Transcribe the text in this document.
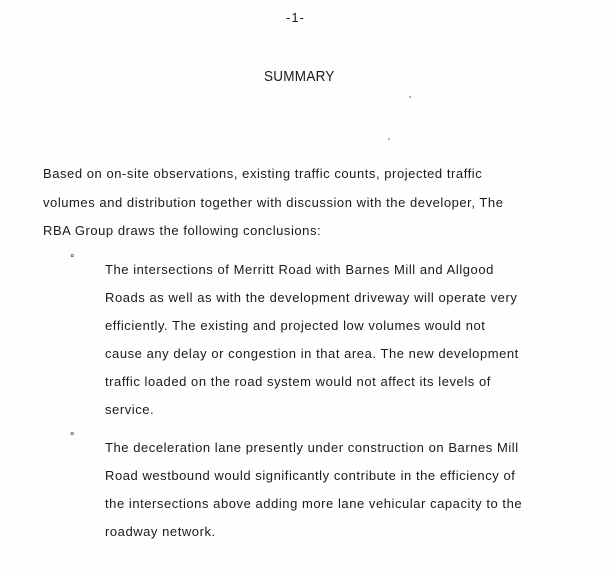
-1-
SUMMARY
Based on on-site observations, existing traffic counts, projected traffic
volumes and distribution together with discussion with the developer, The
RBA Group draws the following conclusions:
°
The intersections of Merritt Road with Barnes Mill and Allgood
Roads as well as with the development driveway will operate very
efficiently. The existing and projected low volumes would not
cause any delay or congestion in that area. The new development
traffic loaded on the road system would not affect its levels of
service.
°
The deceleration lane presently under construction on Barnes Mill
Road westbound would significantly contribute in the efficiency of
the intersections above adding more lane vehicular capacity to the
roadway network.
